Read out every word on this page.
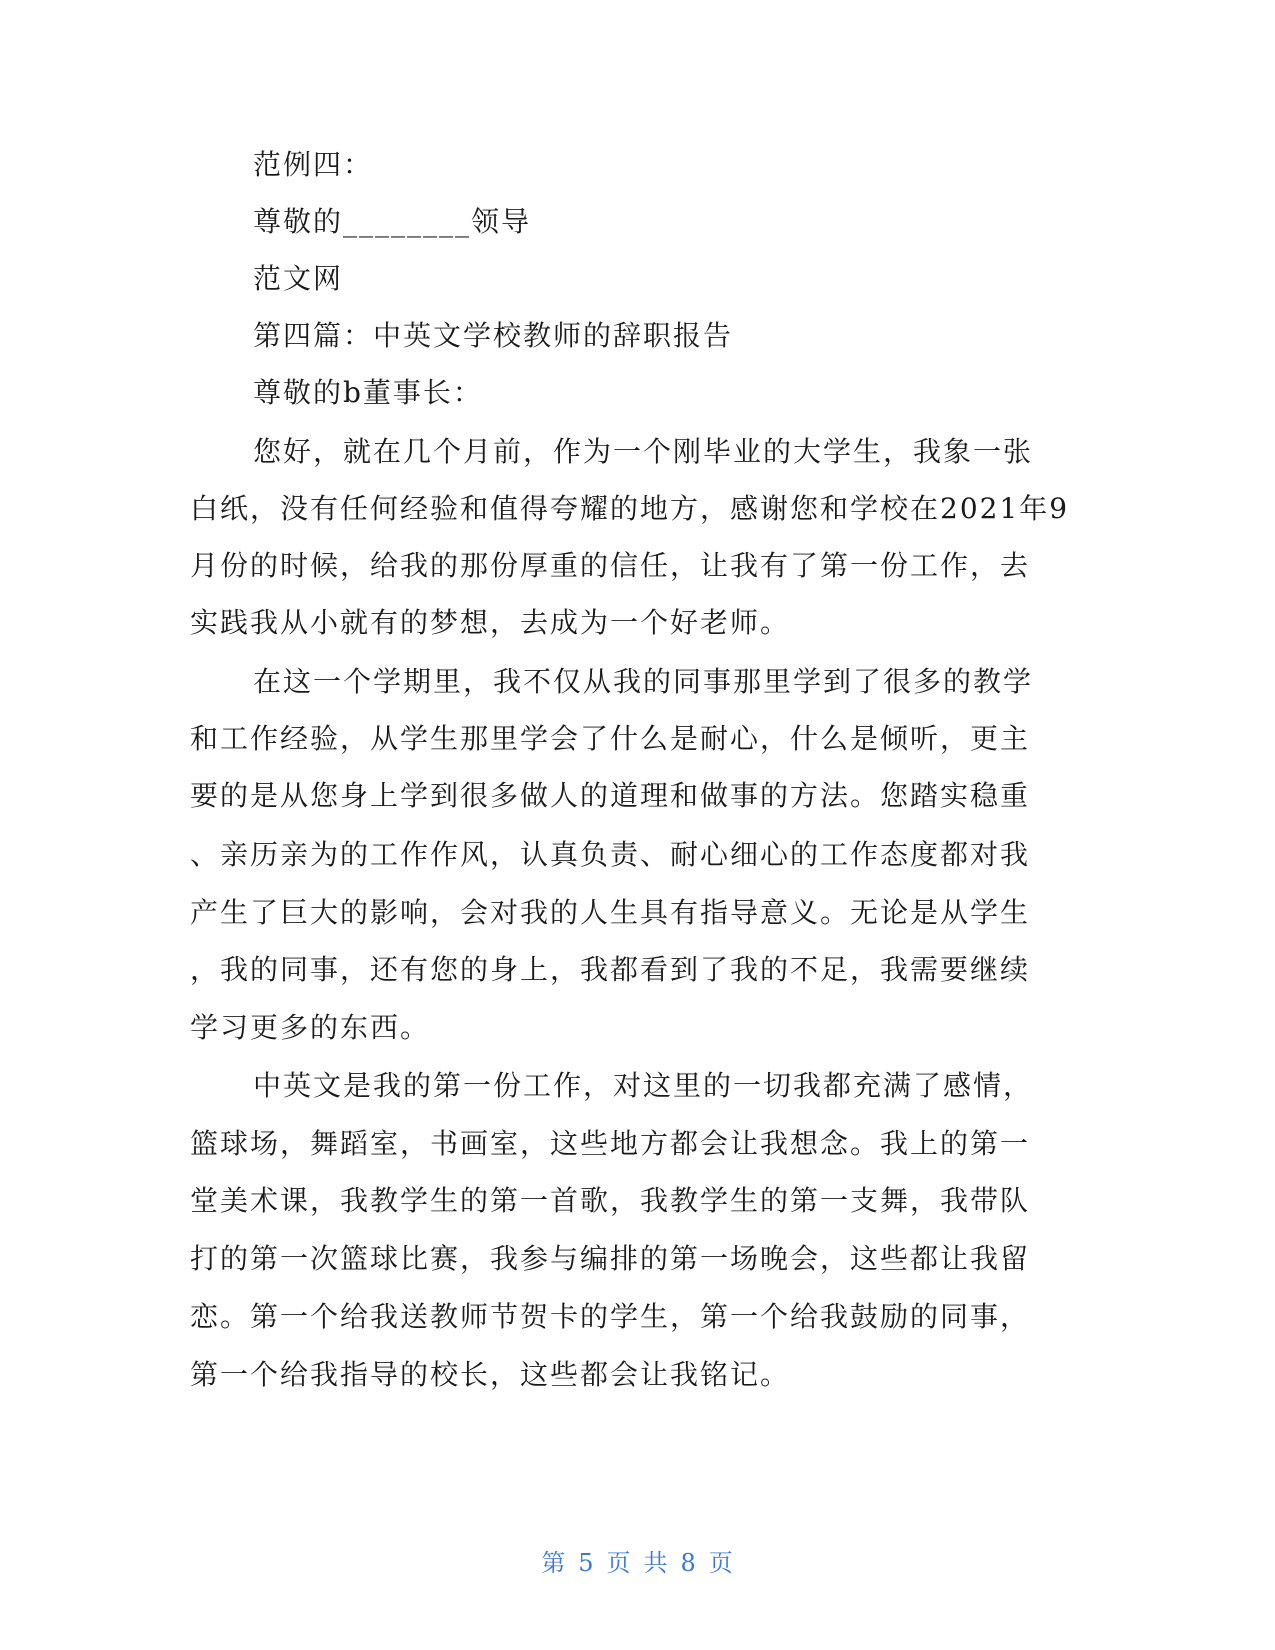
范例四：
尊敬的________领导
范文网
第四篇：中英文学校教师的辞职报告
尊敬的b董事长：
您好，就在几个月前，作为一个刚毕业的大学生，我象一张
白纸，没有任何经验和值得夸耀的地方，感谢您和学校在2021年9
月份的时候，给我的那份厚重的信任，让我有了第一份工作，去
实践我从小就有的梦想，去成为一个好老师。
在这一个学期里，我不仅从我的同事那里学到了很多的教学
和工作经验，从学生那里学会了什么是耐心，什么是倾听，更主
要的是从您身上学到很多做人的道理和做事的方法。您踏实稳重
、亲历亲为的工作作风，认真负责、耐心细心的工作态度都对我
产生了巨大的影响，会对我的人生具有指导意义。无论是从学生
，我的同事，还有您的身上，我都看到了我的不足，我需要继续
学习更多的东西。
中英文是我的第一份工作，对这里的一切我都充满了感情，
篮球场，舞蹈室，书画室，这些地方都会让我想念。我上的第一
堂美术课，我教学生的第一首歌，我教学生的第一支舞，我带队
打的第一次篮球比赛，我参与编排的第一场晚会，这些都让我留
恋。第一个给我送教师节贺卡的学生，第一个给我鼓励的同事，
第一个给我指导的校长，这些都会让我铭记。
第 5 页 共 8 页
